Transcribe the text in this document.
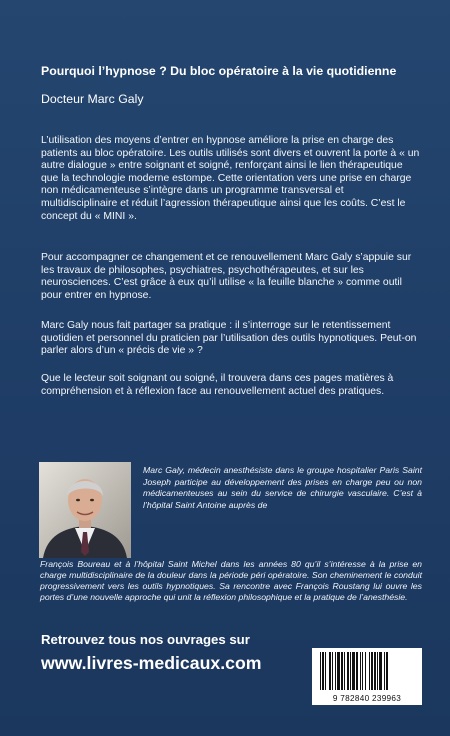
Pourquoi l’hypnose ? Du bloc opératoire à la vie quotidienne
Docteur Marc Galy

L’utilisation des moyens d’entrer en hypnose améliore la prise en charge des patients au bloc opératoire. Les outils utilisés sont divers et ouvrent la porte à « un autre dialogue » entre soignant et soigné, renforçant ainsi le lien thérapeutique que la technologie moderne estompe. Cette orientation vers une prise en charge non médicamenteuse s’intègre dans un programme transversal et multidisciplinaire et réduit l’agression thérapeutique ainsi que les coûts. C’est le concept du « MINI ».

Pour accompagner ce changement et ce renouvellement Marc Galy s’appuie sur les travaux de philosophes, psychiatres, psychothérapeutes, et sur les neurosciences. C’est grâce à eux qu’il utilise « la feuille blanche » comme outil pour entrer en hypnose.

Marc Galy nous fait partager sa pratique : il s’interroge sur le retentissement quotidien et personnel du praticien par l’utilisation des outils hypnotiques. Peut-on parler alors d’un « précis de vie » ?

Que le lecteur soit soignant ou soigné, il trouvera dans ces pages matières à compréhension et à réflexion face au renouvellement actuel des pratiques.

Marc Galy, médecin anesthésiste dans le groupe hospitalier Paris Saint Joseph participe au développement des prises en charge peu ou non médicamenteuses au sein du service de chirurgie vasculaire. C’est à l’hôpital Saint Antoine auprès de

François Boureau et à l’hôpital Saint Michel dans les années 80 qu’il s’intéresse à la prise en charge multidisciplinaire de la douleur dans la période péri opératoire. Son cheminement le conduit progressivement vers les outils hypnotiques. Sa rencontre avec François Roustang lui ouvre les portes d’une nouvelle approche qui unit la réflexion philosophique et la pratique de l’anesthésie.

Retrouvez tous nos ouvrages sur
www.livres-medicaux.com
9 782840 239963
